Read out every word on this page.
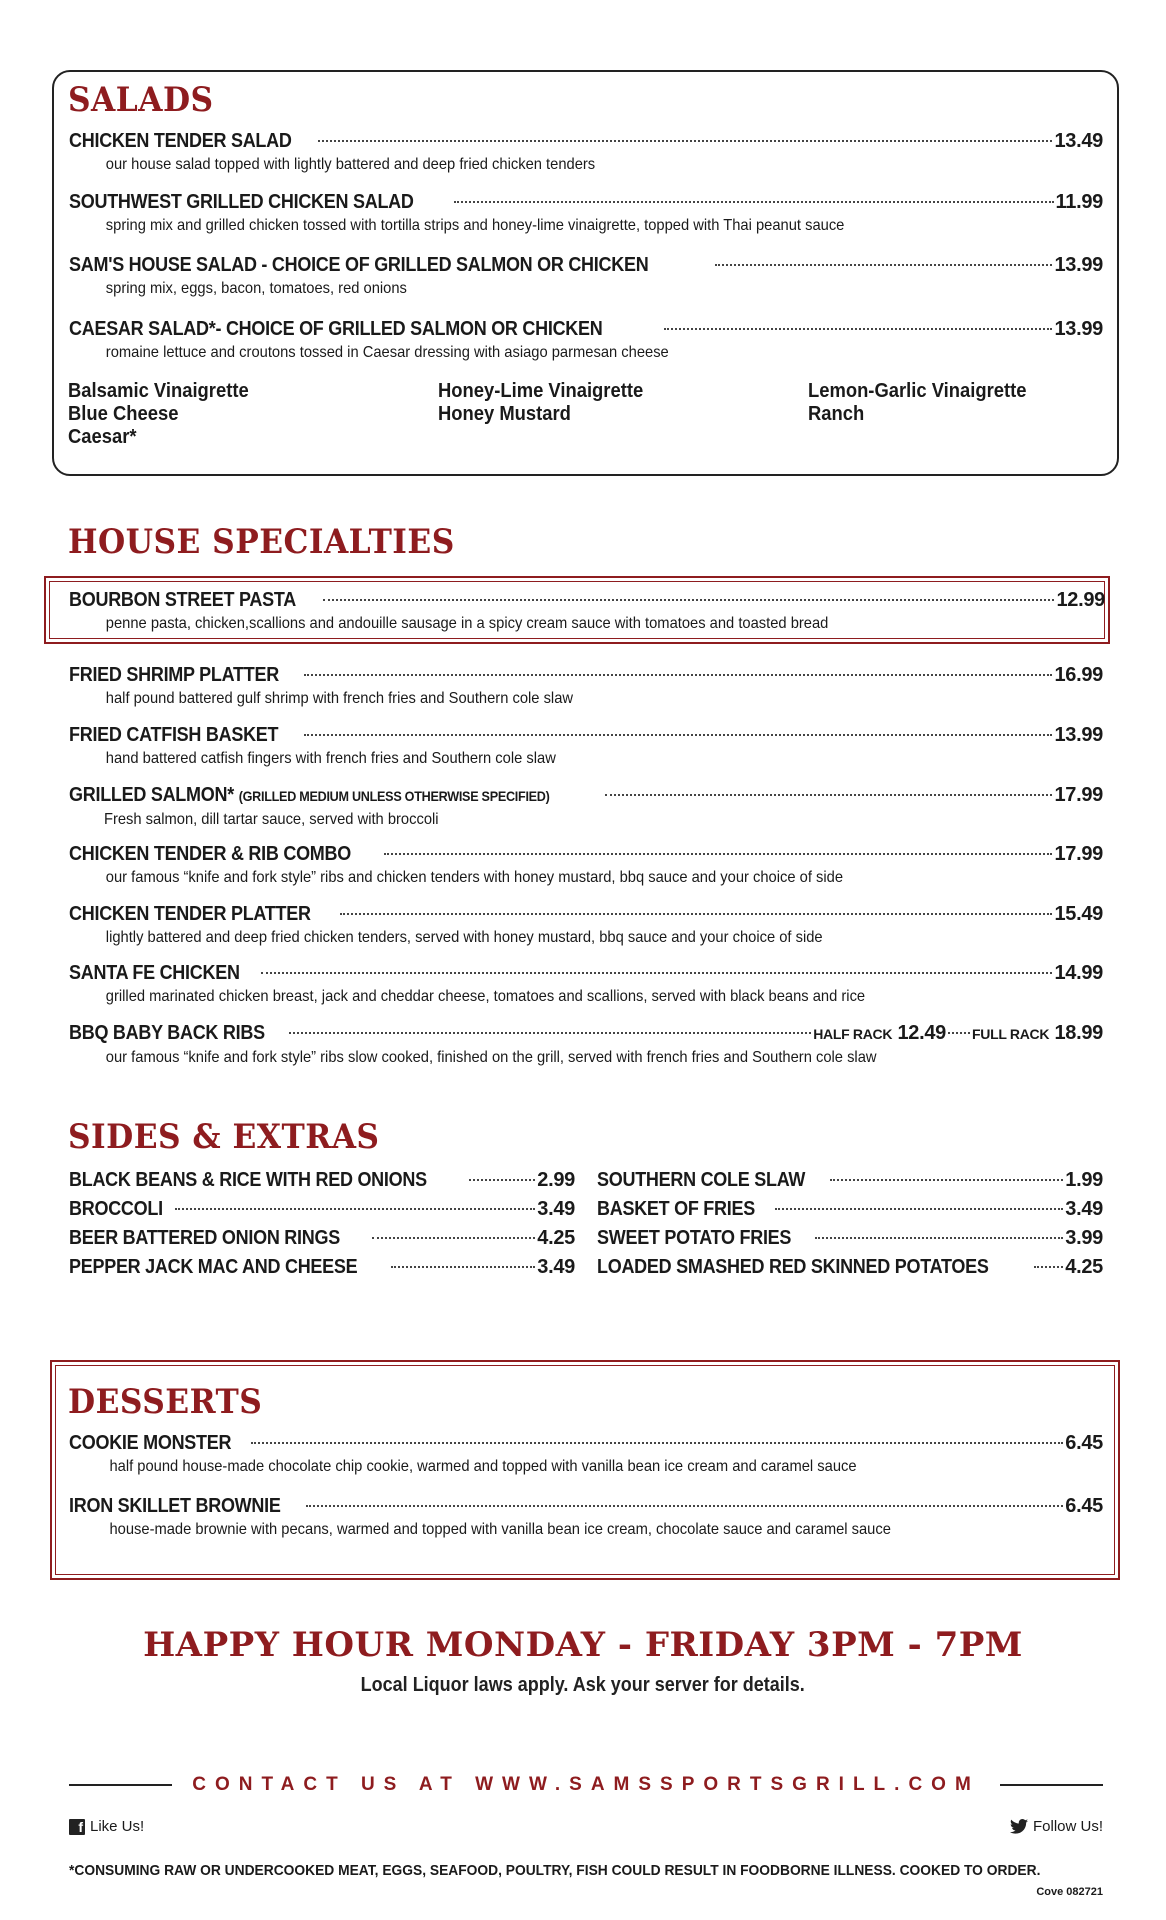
SALADS
CHICKEN TENDER SALAD	13.49
our house salad topped with lightly battered and deep fried chicken tenders
SOUTHWEST GRILLED CHICKEN SALAD	11.99
spring mix and grilled chicken tossed with tortilla strips and honey-lime vinaigrette, topped with Thai peanut sauce
SAM'S HOUSE SALAD - CHOICE OF GRILLED SALMON OR CHICKEN	13.99
spring mix, eggs, bacon, tomatoes, red onions
CAESAR SALAD*- CHOICE OF GRILLED SALMON OR CHICKEN	13.99
romaine lettuce and croutons tossed in Caesar dressing with asiago parmesan cheese
Balsamic Vinaigrette
Blue Cheese
Caesar*
Honey-Lime Vinaigrette
Honey Mustard
Lemon-Garlic Vinaigrette
Ranch
HOUSE SPECIALTIES
BOURBON STREET PASTA	12.99
penne pasta, chicken,scallions and andouille sausage in a spicy cream sauce with tomatoes and toasted bread
FRIED SHRIMP PLATTER	16.99
half pound battered gulf shrimp with french fries and Southern cole slaw
FRIED CATFISH BASKET	13.99
hand battered catfish fingers with french fries and Southern cole slaw
GRILLED SALMON* (GRILLED MEDIUM UNLESS OTHERWISE SPECIFIED)	17.99
Fresh salmon, dill tartar sauce, served with broccoli
CHICKEN TENDER & RIB COMBO	17.99
our famous “knife and fork style” ribs and chicken tenders with honey mustard, bbq sauce and your choice of side
CHICKEN TENDER PLATTER	15.49
lightly battered and deep fried chicken tenders, served with honey mustard, bbq sauce and your choice of side
SANTA FE CHICKEN	14.99
grilled marinated chicken breast, jack and cheddar cheese, tomatoes and scallions, served with black beans and rice
BBQ BABY BACK RIBS	HALF RACK 12.49 FULL RACK 18.99
our famous “knife and fork style” ribs slow cooked, finished on the grill, served with french fries and Southern cole slaw
SIDES & EXTRAS
BLACK BEANS & RICE WITH RED ONIONS	2.99
BROCCOLI	3.49
BEER BATTERED ONION RINGS	4.25
PEPPER JACK MAC AND CHEESE	3.49
SOUTHERN COLE SLAW	1.99
BASKET OF FRIES	3.49
SWEET POTATO FRIES	3.99
LOADED SMASHED RED SKINNED POTATOES	4.25
DESSERTS
COOKIE MONSTER	6.45
half pound house-made chocolate chip cookie, warmed and topped with vanilla bean ice cream and caramel sauce
IRON SKILLET BROWNIE	6.45
house-made brownie with pecans, warmed and topped with vanilla bean ice cream, chocolate sauce and caramel sauce
HAPPY HOUR MONDAY - FRIDAY 3PM - 7PM
Local Liquor laws apply. Ask your server for details.
CONTACT US AT WWW.SAMSSPORTSGRILL.COM
f Like Us!	Follow Us!
*CONSUMING RAW OR UNDERCOOKED MEAT, EGGS, SEAFOOD, POULTRY, FISH COULD RESULT IN FOODBORNE ILLNESS. COOKED TO ORDER.
Cove 082721
